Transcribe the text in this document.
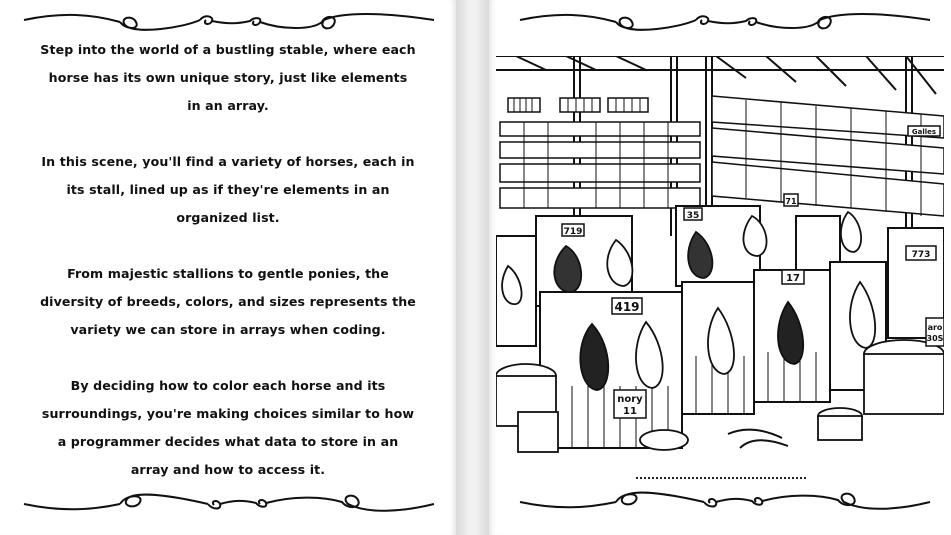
Step into the world of a bustling stable, where each horse has its own unique story, just like elements in an array.

In this scene, you'll find a variety of horses, each in its stall, lined up as if they're elements in an organized list.

From majestic stallions to gentle ponies, the diversity of breeds, colors, and sizes represents the variety we can store in arrays when coding.

By deciding how to color each horse and its surroundings, you're making choices similar to how a programmer decides what data to store in an array and how to access it.

719
35
71
17
773
419
nory
11
aro
30S
Galles
